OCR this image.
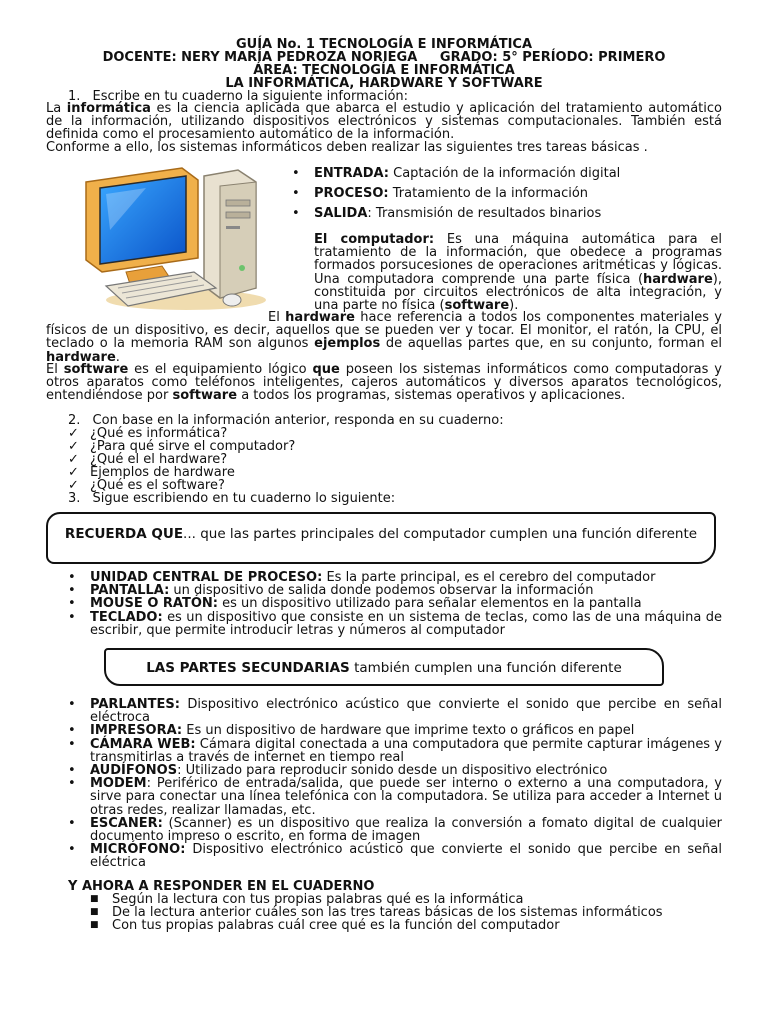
GUÍA No. 1 TECNOLOGÍA E INFORMÁTICA
DOCENTE: NERY MARÍA PEDROZA NORIEGA     GRADO: 5° PERÍODO: PRIMERO
ÁREA: TECNOLOGÍA E INFORMÁTICA
LA INFORMÁTICA, HARDWARE Y SOFTWARE
1. Escribe en tu cuaderno la siguiente información:
La informática es la ciencia aplicada que abarca el estudio y aplicación del tratamiento automático de la información, utilizando dispositivos electrónicos y sistemas computacionales. También está definida como el procesamiento automático de la información.
Conforme a ello, los sistemas informáticos deben realizar las siguientes tres tareas básicas .
• ENTRADA: Captación de la información digital
• PROCESO: Tratamiento de la información
• SALIDA: Transmisión de resultados binarios
El computador: Es una máquina automática para el tratamiento de la información, que obedece a programas formados porsucesiones de operaciones aritméticas y lógicas. Una computadora comprende una parte física (hardware), constituida por circuitos electrónicos de alta integración, y una parte no física (software).
El hardware hace referencia a todos los componentes materiales y físicos de un dispositivo, es decir, aquellos que se pueden ver y tocar. El monitor, el ratón, la CPU, el teclado o la memoria RAM son algunos ejemplos de aquellas partes que, en su conjunto, forman el hardware.
El software es el equipamiento lógico que poseen los sistemas informáticos como computadoras y otros aparatos como teléfonos inteligentes, cajeros automáticos y diversos aparatos tecnológicos, entendiéndose por software a todos los programas, sistemas operativos y aplicaciones.
2. Con base en la información anterior, responda en su cuaderno:
✓ ¿Qué es informática?
✓ ¿Para qué sirve el computador?
✓ ¿Qué el el hardware?
✓ Ejemplos de hardware
✓ ¿Qué es el software?
3. Sigue escribiendo en tu cuaderno lo siguiente:
RECUERDA QUE... que las partes principales del computador cumplen una función diferente
• UNIDAD CENTRAL DE PROCESO: Es la parte principal, es el cerebro del computador
• PANTALLA: un dispositivo de salida donde podemos observar la información
• MOUSE O RATÓN: es un dispositivo utilizado para señalar elementos en la pantalla
• TECLADO: es un dispositivo que consiste en un sistema de teclas, como las de una máquina de escribir, que permite introducir letras y números al computador
LAS PARTES SECUNDARIAS también cumplen una función diferente
• PARLANTES: Dispositivo electrónico acústico que convierte el sonido que percibe en señal eléctroca
• IMPRESORA: Es un dispositivo de hardware que imprime texto o gráficos en papel
• CÁMARA WEB: Cámara digital conectada a una computadora que permite capturar imágenes y transmitirlas a través de internet en tiempo real
• AUDÍFONOS: Utilizado para reproducir sonido desde un dispositivo electrónico
• MODEM: Periférico de entrada/salida, que puede ser interno o externo a una computadora, y sirve para conectar una línea telefónica con la computadora. Se utiliza para acceder a Internet u otras redes, realizar llamadas, etc.
• ESCANER: (Scanner) es un dispositivo que realiza la conversión a fomato digital de cualquier documento impreso o escrito, en forma de imagen
• MICRÓFONO: Dispositivo electrónico acústico que convierte el sonido que percibe en señal eléctrica
Y AHORA A RESPONDER EN EL CUADERNO
■ Según la lectura con tus propias palabras qué es la informática
■ De la lectura anterior cuáles son las tres tareas básicas de los sistemas informáticos
■ Con tus propias palabras cuál cree qué es la función del computador
